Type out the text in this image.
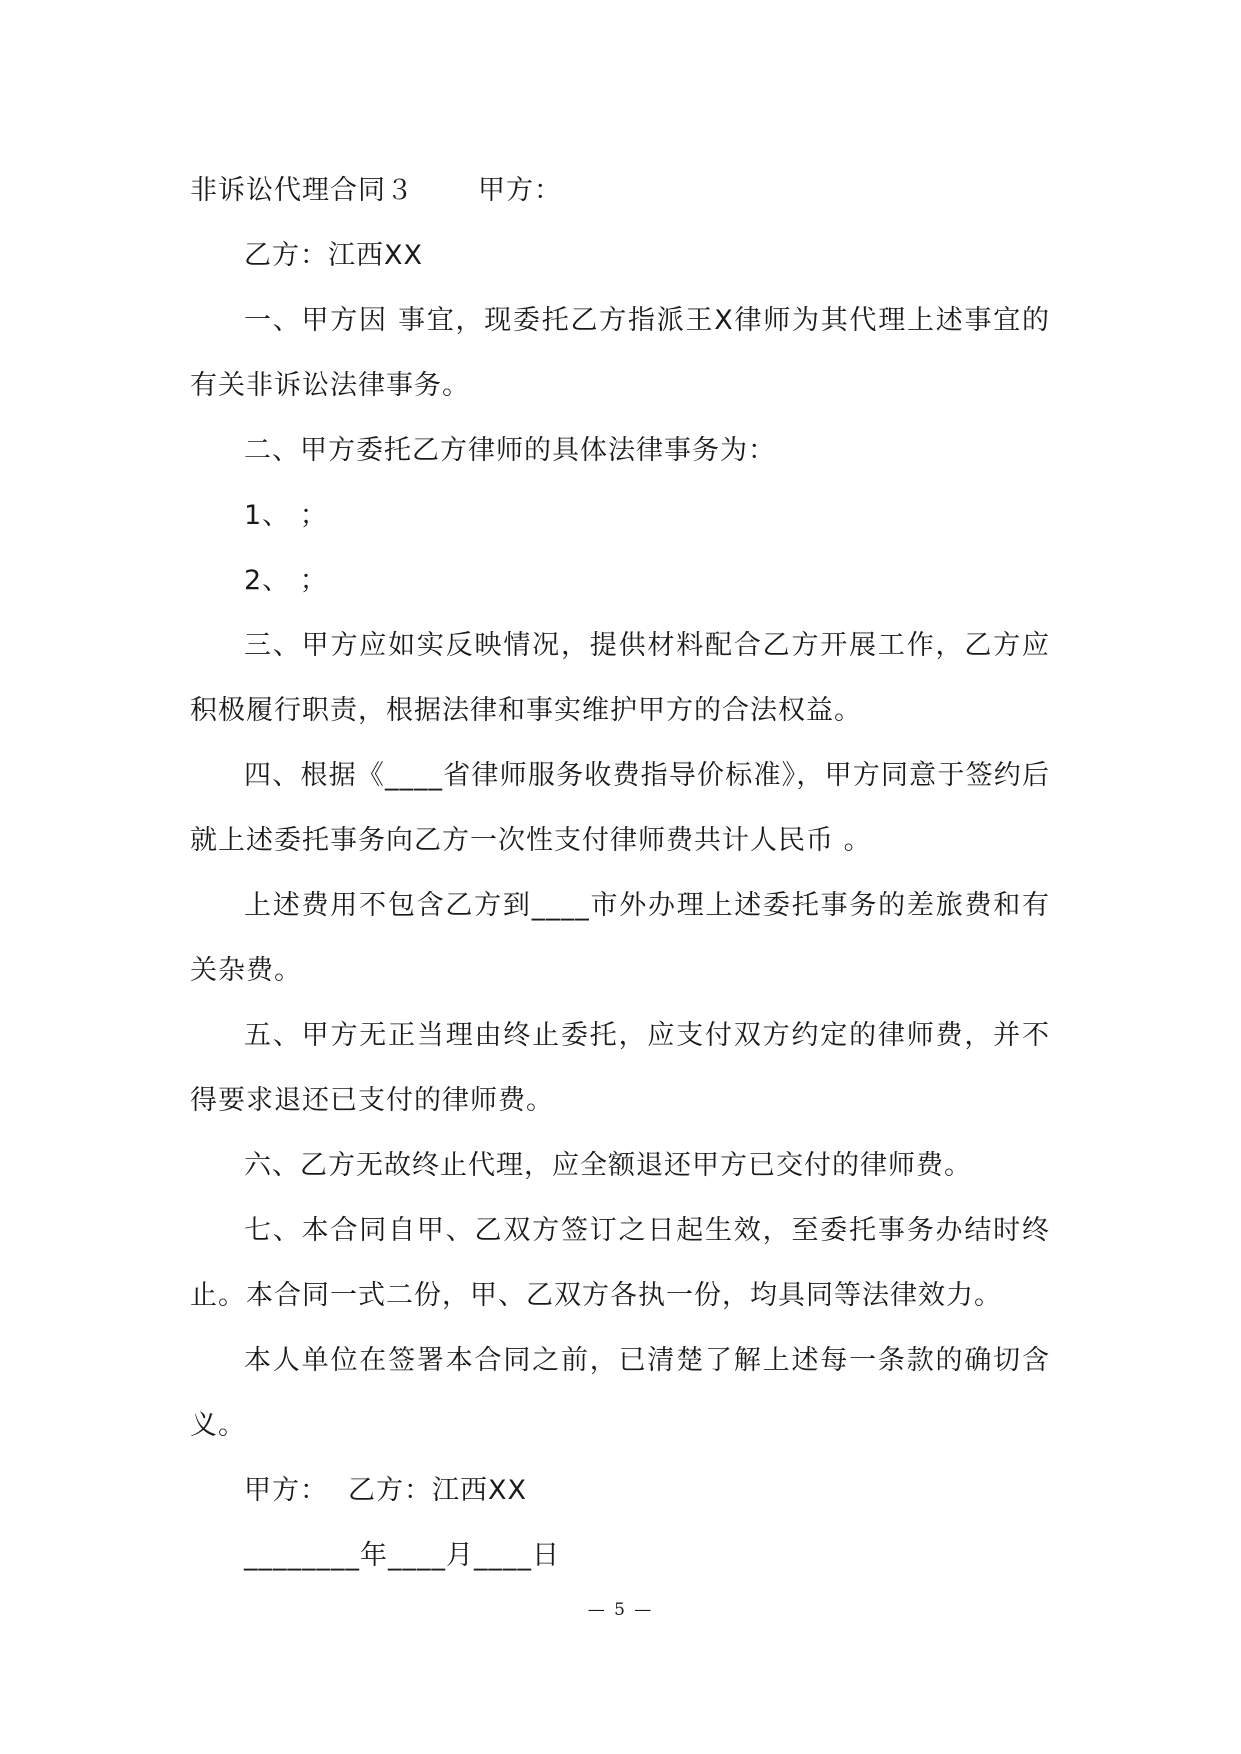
非诉讼代理合同３ 甲方：

乙方：江西XX

一、甲方因 事宜，现委托乙方指派王X律师为其代理上述事宜的有关非诉讼法律事务。

二、甲方委托乙方律师的具体法律事务为：

1、 ；

2、 ；

三、甲方应如实反映情况，提供材料配合乙方开展工作，乙方应积极履行职责，根据法律和事实维护甲方的合法权益。

四、根据《____省律师服务收费指导价标准》，甲方同意于签约后就上述委托事务向乙方一次性支付律师费共计人民币 。

上述费用不包含乙方到____市外办理上述委托事务的差旅费和有关杂费。

五、甲方无正当理由终止委托，应支付双方约定的律师费，并不得要求退还已支付的律师费。

六、乙方无故终止代理，应全额退还甲方已交付的律师费。

七、本合同自甲、乙双方签订之日起生效，至委托事务办结时终止。本合同一式二份，甲、乙双方各执一份，均具同等法律效力。

本人单位在签署本合同之前，已清楚了解上述每一条款的确切含义。

甲方： 乙方：江西XX

________年____月____日

— 5 —
